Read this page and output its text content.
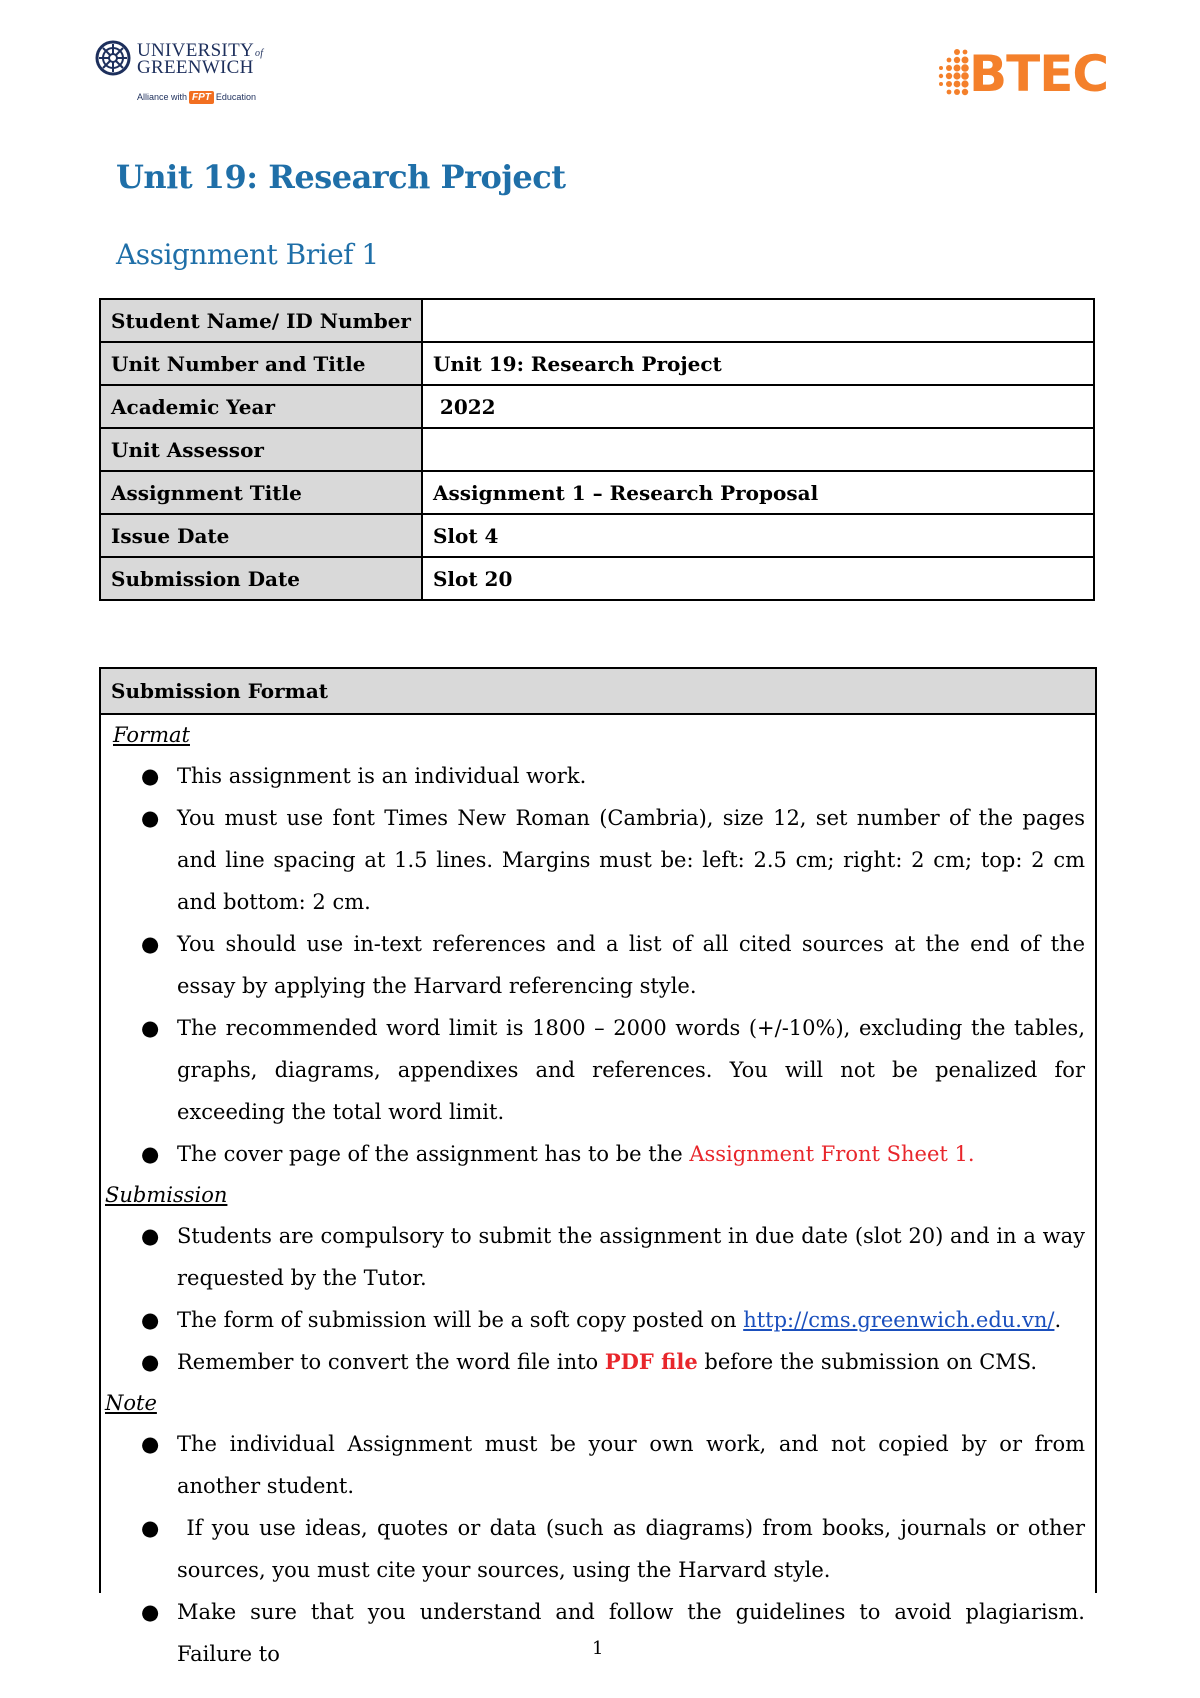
UNIVERSITYof
GREENWICH
Alliance with FPT Education	BTEC
Unit 19: Research Project
Assignment Brief 1
Student Name/ ID Number	
Unit Number and Title	Unit 19: Research Project
Academic Year	2022
Unit Assessor	
Assignment Title	Assignment 1 – Research Proposal
Issue Date	Slot 4
Submission Date	Slot 20
Submission Format

Format

● This assignment is an individual work.
● You must use font Times New Roman (Cambria), size 12, set number of the pages and line spacing at 1.5 lines. Margins must be: left: 2.5 cm; right: 2 cm; top: 2 cm and bottom: 2 cm.
● You should use in-text references and a list of all cited sources at the end of the essay by applying the Harvard referencing style.
● The recommended word limit is 1800 – 2000 words (+/-10%), excluding the tables, graphs, diagrams, appendixes and references. You will not be penalized for exceeding the total word limit.
● The cover page of the assignment has to be the Assignment Front Sheet 1.

Submission

● Students are compulsory to submit the assignment in due date (slot 20) and in a way requested by the Tutor.
● The form of submission will be a soft copy posted on http://cms.greenwich.edu.vn/.
● Remember to convert the word file into PDF file before the submission on CMS.

Note

● The individual Assignment must be your own work, and not copied by or from another student.
● If you use ideas, quotes or data (such as diagrams) from books, journals or other sources, you must cite your sources, using the Harvard style.
● Make sure that you understand and follow the guidelines to avoid plagiarism. Failure to	1
